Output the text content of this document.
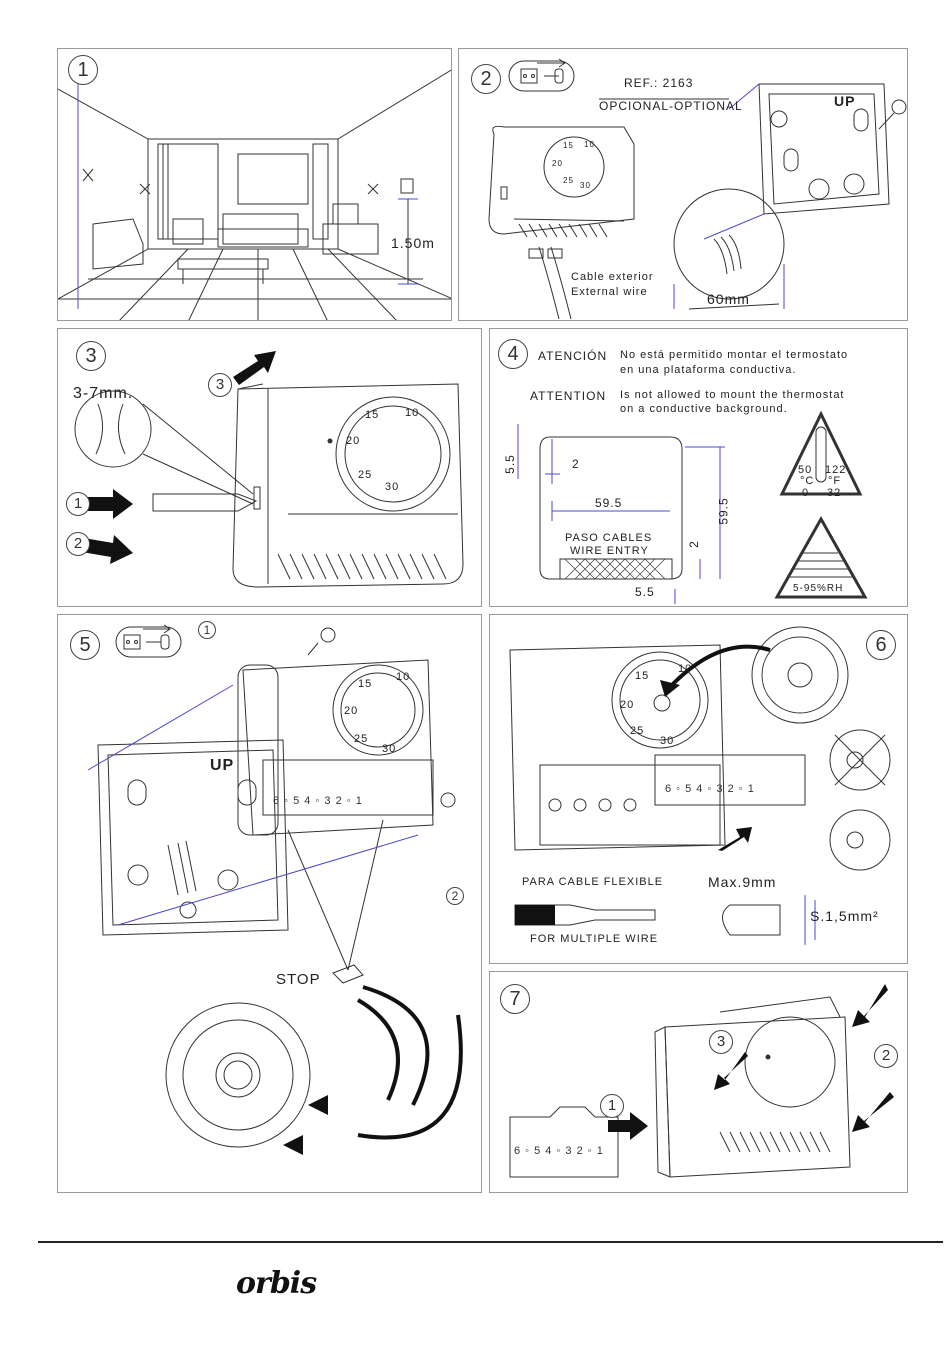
1
1.50m
2	REF.: 2163
OPCIONAL-OPTIONAL	UP
Cable exterior
External wire	60mm
10
15
20
25
30
3
3-7mm.
1
2
3
10
15
20
25
30
4	ATENCIÓN No está permitido montar el termostato
en una plataforma conductiva.
ATTENTION Is not allowed to mount the thermostat
on a conductive background.
5.5	2
59.5	59.5
PASO CABLES
WIRE ENTRY
2
5.5
50 122
°C °F
0 32
5-95%RH
5
1
2
UP
STOP
6 ◦ 5 4 ◦ 3 2 ◦ 1
10
15
20
25
30
6
6 ◦ 5 4 ◦ 3 2 ◦ 1
PARA CABLE FLEXIBLE
FOR MULTIPLE WIRE
Max.9mm
S.1,5mm²
10
15
20
25
30
7
1
2
3
6 ◦ 5 4 ◦ 3 2 ◦ 1
orbis
